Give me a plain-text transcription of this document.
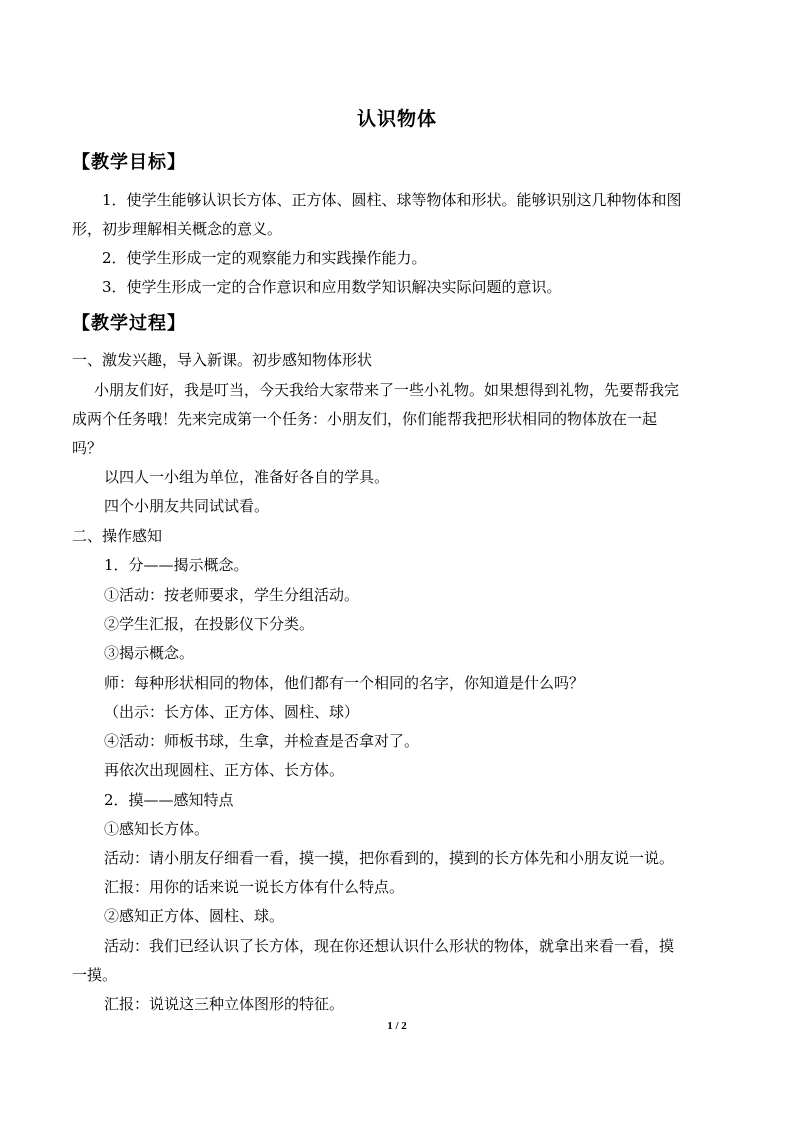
认识物体
【教学目标】
1．使学生能够认识长方体、正方体、圆柱、球等物体和形状。能够识别这几种物体和图
形，初步理解相关概念的意义。
2．使学生形成一定的观察能力和实践操作能力。
3．使学生形成一定的合作意识和应用数学知识解决实际问题的意识。
【教学过程】
一、激发兴趣，导入新课。初步感知物体形状
小朋友们好，我是叮当，今天我给大家带来了一些小礼物。如果想得到礼物，先要帮我完
成两个任务哦！先来完成第一个任务：小朋友们，你们能帮我把形状相同的物体放在一起
吗？
以四人一小组为单位，准备好各自的学具。
四个小朋友共同试试看。
二、操作感知
1．分——揭示概念。
①活动：按老师要求，学生分组活动。
②学生汇报，在投影仪下分类。
③揭示概念。
师：每种形状相同的物体，他们都有一个相同的名字，你知道是什么吗？
（出示：长方体、正方体、圆柱、球）
④活动：师板书球，生拿，并检查是否拿对了。
再依次出现圆柱、正方体、长方体。
2．摸——感知特点
①感知长方体。
活动：请小朋友仔细看一看，摸一摸，把你看到的，摸到的长方体先和小朋友说一说。
汇报：用你的话来说一说长方体有什么特点。
②感知正方体、圆柱、球。
活动：我们已经认识了长方体，现在你还想认识什么形状的物体，就拿出来看一看，摸
一摸。
汇报：说说这三种立体图形的特征。
1 / 2
